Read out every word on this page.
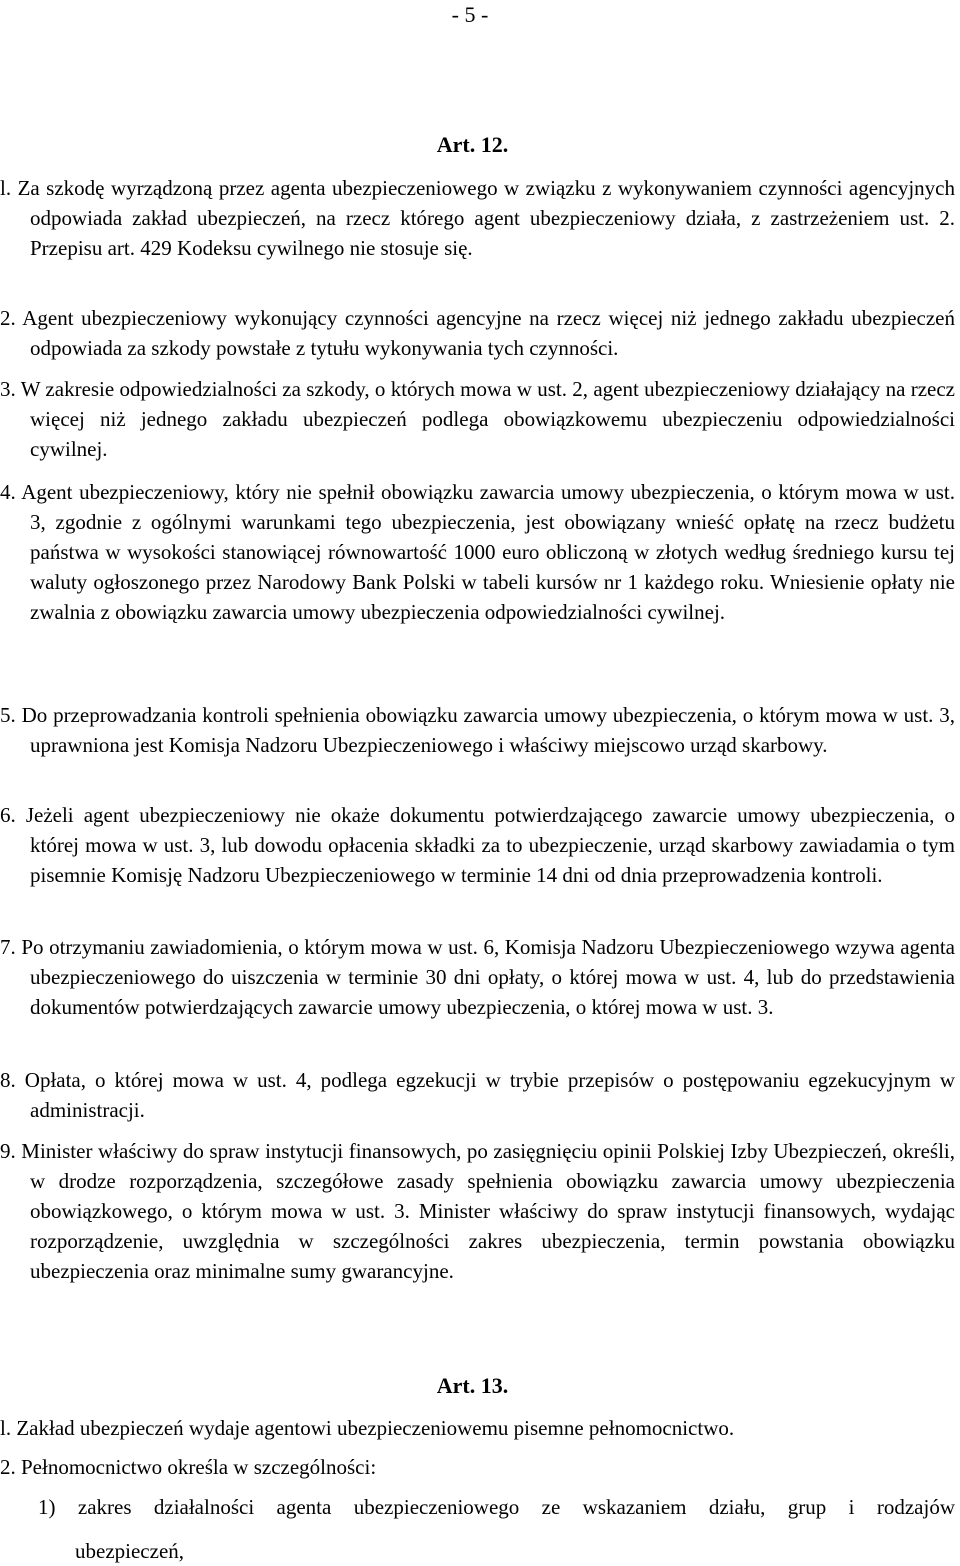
- 5 -
Art. 12.
l. Za szkodę wyrządzoną przez agenta ubezpieczeniowego w związku z wykonywaniem czynności agencyjnych odpowiada zakład ubezpieczeń, na rzecz którego agent ubezpieczeniowy działa, z zastrzeżeniem ust. 2. Przepisu art. 429 Kodeksu cywilnego nie stosuje się.
2. Agent ubezpieczeniowy wykonujący czynności agencyjne na rzecz więcej niż jednego zakładu ubezpieczeń odpowiada za szkody powstałe z tytułu wykonywania tych czynności.
3. W zakresie odpowiedzialności za szkody, o których mowa w ust. 2, agent ubezpieczeniowy działający na rzecz więcej niż jednego zakładu ubezpieczeń podlega obowiązkowemu ubezpieczeniu odpowiedzialności cywilnej.
4. Agent ubezpieczeniowy, który nie spełnił obowiązku zawarcia umowy ubezpieczenia, o którym mowa w ust. 3, zgodnie z ogólnymi warunkami tego ubezpieczenia, jest obowiązany wnieść opłatę na rzecz budżetu państwa w wysokości stanowiącej równowartość 1000 euro obliczoną w złotych według średniego kursu tej waluty ogłoszonego przez Narodowy Bank Polski w tabeli kursów nr 1 każdego roku. Wniesienie opłaty nie zwalnia z obowiązku zawarcia umowy ubezpieczenia odpowiedzialności cywilnej.
5. Do przeprowadzania kontroli spełnienia obowiązku zawarcia umowy ubezpieczenia, o którym mowa w ust. 3, uprawniona jest Komisja Nadzoru Ubezpieczeniowego i właściwy miejscowo urząd skarbowy.
6. Jeżeli agent ubezpieczeniowy nie okaże dokumentu potwierdzającego zawarcie umowy ubezpieczenia, o której mowa w ust. 3, lub dowodu opłacenia składki za to ubezpieczenie, urząd skarbowy zawiadamia o tym pisemnie Komisję Nadzoru Ubezpieczeniowego w terminie 14 dni od dnia przeprowadzenia kontroli.
7. Po otrzymaniu zawiadomienia, o którym mowa w ust. 6, Komisja Nadzoru Ubezpieczeniowego wzywa agenta ubezpieczeniowego do uiszczenia w terminie 30 dni opłaty, o której mowa w ust. 4, lub do przedstawienia dokumentów potwierdzających zawarcie umowy ubezpieczenia, o której mowa w ust. 3.
8. Opłata, o której mowa w ust. 4, podlega egzekucji w trybie przepisów o postępowaniu egzekucyjnym w administracji.
9. Minister właściwy do spraw instytucji finansowych, po zasięgnięciu opinii Polskiej Izby Ubezpieczeń, określi, w drodze rozporządzenia, szczegółowe zasady spełnienia obowiązku zawarcia umowy ubezpieczenia obowiązkowego, o którym mowa w ust. 3. Minister właściwy do spraw instytucji finansowych, wydając rozporządzenie, uwzględnia w szczególności zakres ubezpieczenia, termin powstania obowiązku ubezpieczenia oraz minimalne sumy gwarancyjne.
Art. 13.
l. Zakład ubezpieczeń wydaje agentowi ubezpieczeniowemu pisemne pełnomocnictwo.
2. Pełnomocnictwo określa w szczególności:
1) zakres działalności agenta ubezpieczeniowego ze wskazaniem działu, grup i rodzajów
ubezpieczeń,
